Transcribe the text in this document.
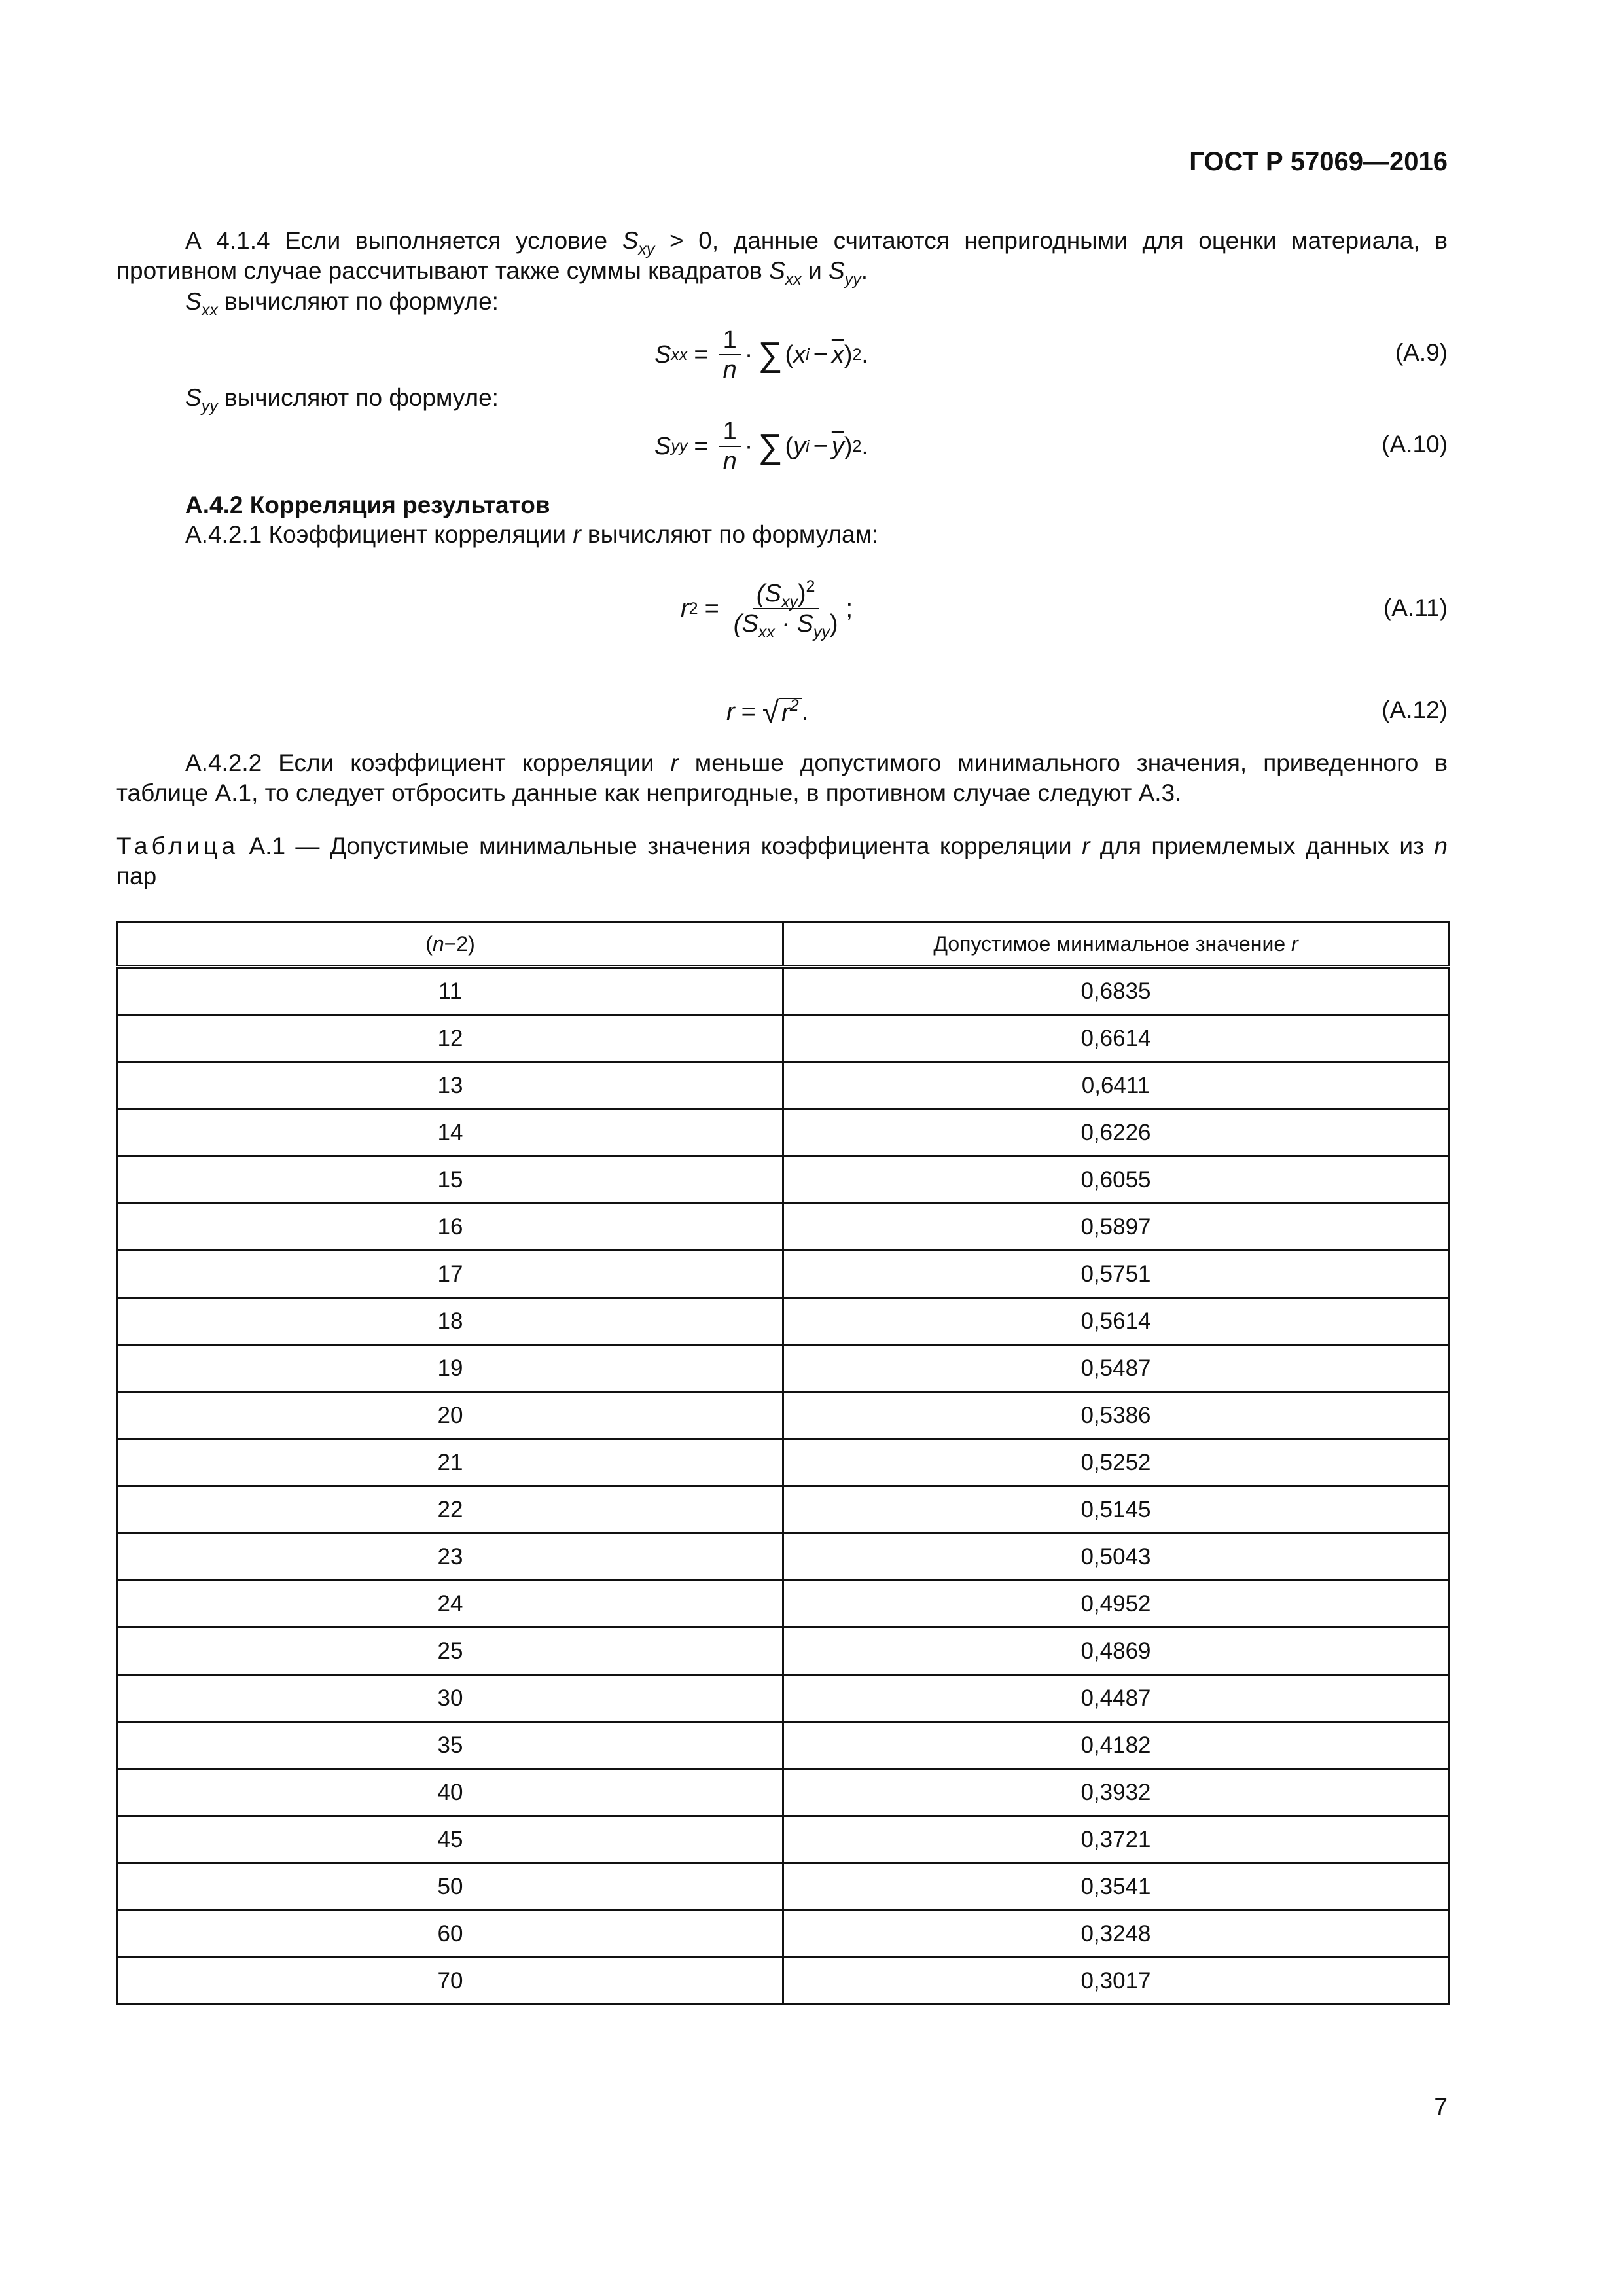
ГОСТ Р 57069—2016
А 4.1.4 Если выполняется условие $S_{xy} > 0$, данные считаются непригодными для оценки материала, в противном случае рассчитывают также суммы квадратов $S_{xx}$ и $S_{yy}$.
$S_{xx}$ вычисляют по формуле:
S xx = $\frac{1}{n}$ · ∑ ( x $i - \overline{x}$ ) 2 .	(А.9)
$S_{yy}$ вычисляют по формуле:
S yy = $\frac{1}{n}$ · ∑ ( y $i - \overline{y}$ ) 2 .	(А.10)
А.4.2 Корреляция результатов
А.4.2.1 Коэффициент корреляции r вычисляют по формулам:
r $2 = \frac{(S_{xy})^2}{(S_{xx} \cdot S_{yy})}$ ;	(А.11)
r = √ $r^2$ .	(А.12)
А.4.2.2 Если коэффициент корреляции r меньше допустимого минимального значения, приведенного в таблице А.1, то следует отбросить данные как непригодные, в противном случае следуют А.3.
Таблица А.1 — Допустимые минимальные значения коэффициента корреляции r для приемлемых данных из n пар
(n−2)	Допустимое минимальное значение r
11	0,6835
12	0,6614
13	0,6411
14	0,6226
15	0,6055
16	0,5897
17	0,5751
18	0,5614
19	0,5487
20	0,5386
21	0,5252
22	0,5145
23	0,5043
24	0,4952
25	0,4869
30	0,4487
35	0,4182
40	0,3932
45	0,3721
50	0,3541
60	0,3248
70	0,3017
7
